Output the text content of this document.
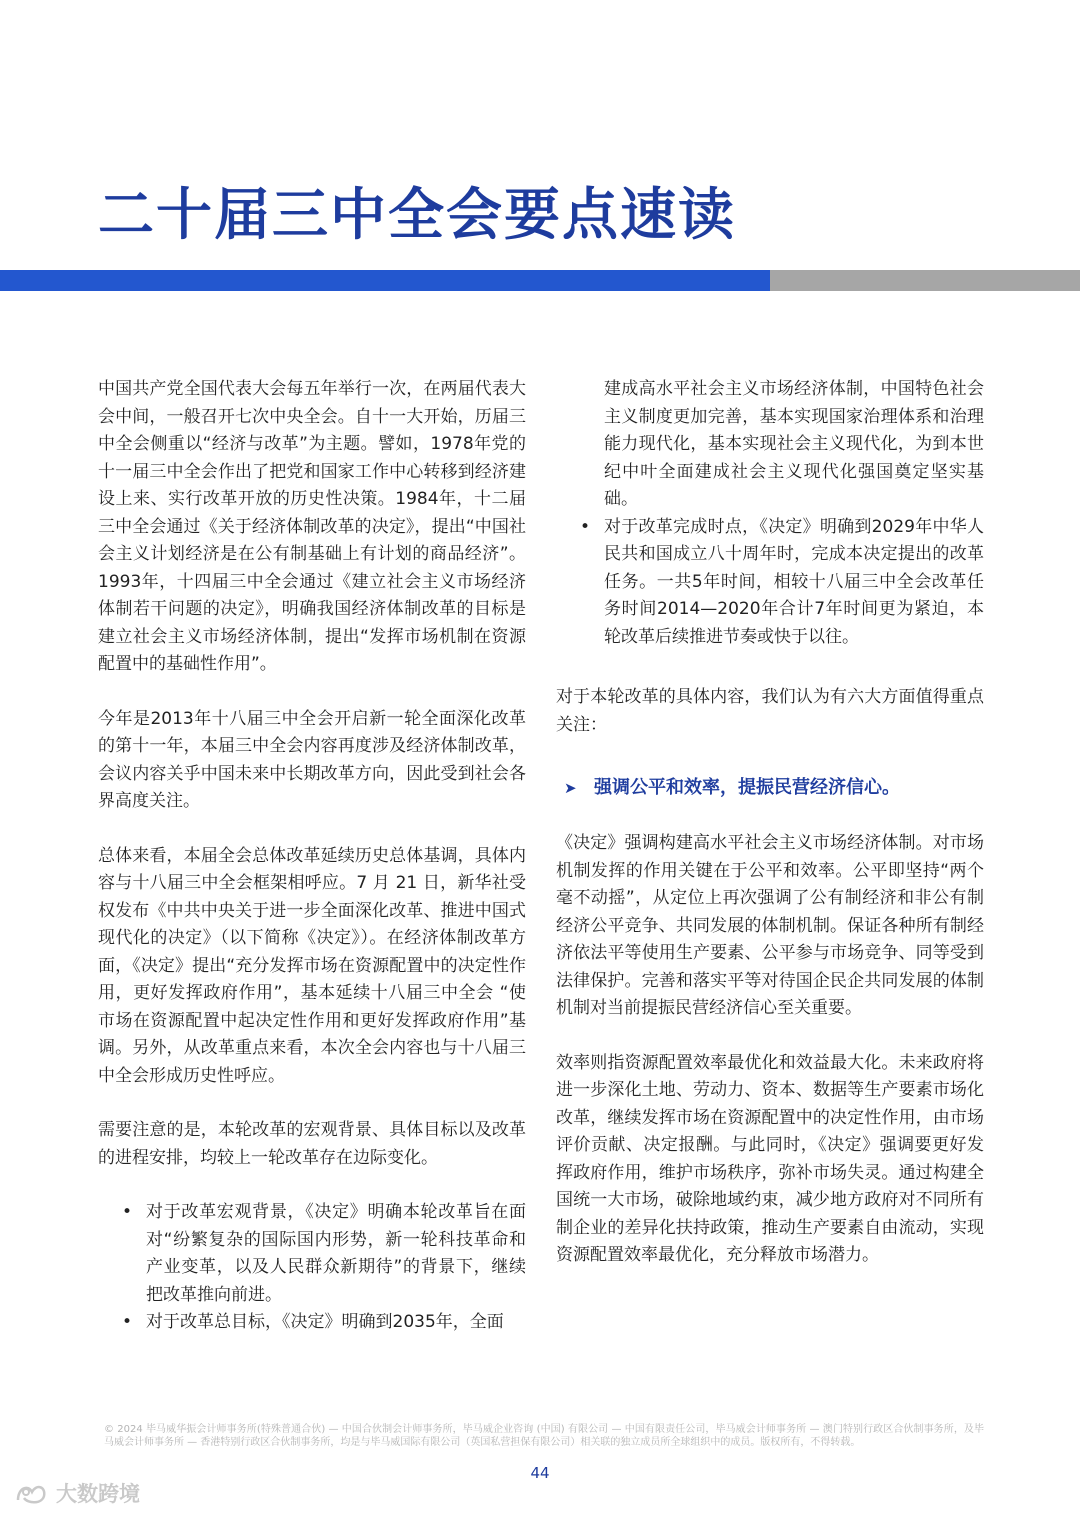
二十届三中全会要点速读

中国共产党全国代表大会每五年举行一次，在两届代表大会中间，一般召开七次中央全会。自十一大开始，历届三中全会侧重以“经济与改革”为主题。譬如，1978年党的十一届三中全会作出了把党和国家工作中心转移到经济建设上来、实行改革开放的历史性决策。1984年，十二届三中全会通过《关于经济体制改革的决定》，提出“中国社会主义计划经济是在公有制基础上有计划的商品经济”。1993年，十四届三中全会通过《建立社会主义市场经济体制若干问题的决定》，明确我国经济体制改革的目标是建立社会主义市场经济体制，提出“发挥市场机制在资源配置中的基础性作用”。

今年是2013年十八届三中全会开启新一轮全面深化改革的第十一年，本届三中全会内容再度涉及经济体制改革，会议内容关乎中国未来中长期改革方向，因此受到社会各界高度关注。

总体来看，本届全会总体改革延续历史总体基调，具体内容与十八届三中全会框架相呼应。7 月 21 日，新华社受权发布《中共中央关于进一步全面深化改革、推进中国式现代化的决定》（以下简称《决定》）。在经济体制改革方面，《决定》提出“充分发挥市场在资源配置中的决定性作用，更好发挥政府作用”，基本延续十八届三中全会 “使市场在资源配置中起决定性作用和更好发挥政府作用”基调。另外，从改革重点来看，本次全会内容也与十八届三中全会形成历史性呼应。

需要注意的是，本轮改革的宏观背景、具体目标以及改革的进程安排，均较上一轮改革存在边际变化。

• 对于改革宏观背景，《决定》明确本轮改革旨在面对“纷繁复杂的国际国内形势，新一轮科技革命和产业变革，以及人民群众新期待”的背景下，继续把改革推向前进。
• 对于改革总目标，《决定》明确到2035年，全面

建成高水平社会主义市场经济体制，中国特色社会主义制度更加完善，基本实现国家治理体系和治理能力现代化，基本实现社会主义现代化，为到本世纪中叶全面建成社会主义现代化强国奠定坚实基础。

• 对于改革完成时点，《决定》明确到2029年中华人民共和国成立八十周年时，完成本决定提出的改革任务。一共5年时间，相较十八届三中全会改革任务时间2014—2020年合计7年时间更为紧迫，本轮改革后续推进节奏或快于以往。

对于本轮改革的具体内容，我们认为有六大方面值得重点关注：

➤ 强调公平和效率，提振民营经济信心。

《决定》强调构建高水平社会主义市场经济体制。对市场机制发挥的作用关键在于公平和效率。公平即坚持“两个毫不动摇”，从定位上再次强调了公有制经济和非公有制经济公平竞争、共同发展的体制机制。保证各种所有制经济依法平等使用生产要素、公平参与市场竞争、同等受到法律保护。完善和落实平等对待国企民企共同发展的体制机制对当前提振民营经济信心至关重要。

效率则指资源配置效率最优化和效益最大化。未来政府将进一步深化土地、劳动力、资本、数据等生产要素市场化改革，继续发挥市场在资源配置中的决定性作用，由市场评价贡献、决定报酬。与此同时，《决定》强调要更好发挥政府作用，维护市场秩序，弥补市场失灵。通过构建全国统一大市场，破除地域约束，减少地方政府对不同所有制企业的差异化扶持政策，推动生产要素自由流动，实现资源配置效率最优化，充分释放市场潜力。

© 2024 毕马威华振会计师事务所(特殊普通合伙) — 中国合伙制会计师事务所，毕马威企业咨询 (中国) 有限公司 — 中国有限责任公司，毕马威会计师事务所 — 澳门特别行政区合伙制事务所，及毕马威会计师事务所 — 香港特别行政区合伙制事务所，均是与毕马威国际有限公司（英国私营担保有限公司）相关联的独立成员所全球组织中的成员。版权所有，不得转载。
44
大数跨境
